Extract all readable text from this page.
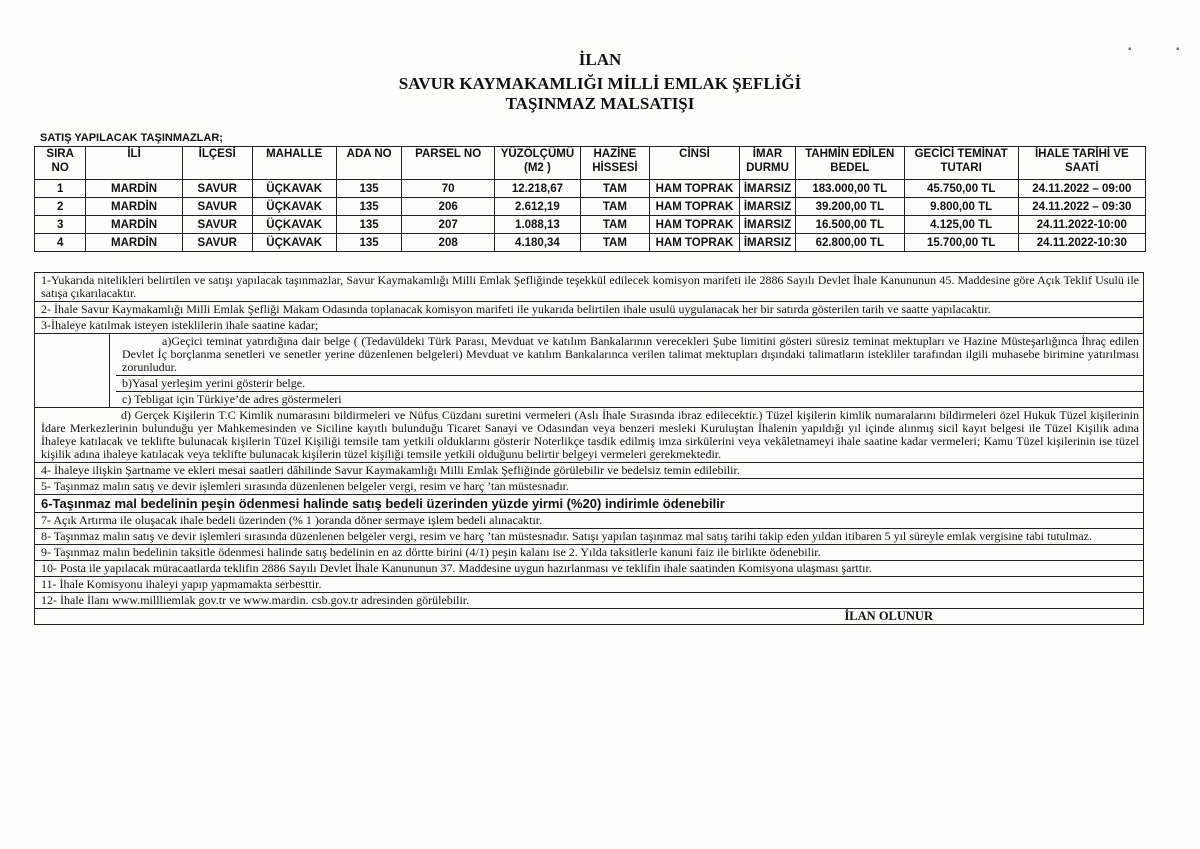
▪	▪
İLAN
SAVUR KAYMAKAMLIĞI MİLLİ EMLAK ŞEFLİĞİ
TAŞINMAZ MALSATIŞI
SATIŞ YAPILACAK TAŞINMAZLAR;
SIRA NO	İLİ	İLÇESİ	MAHALLE	ADA NO	PARSEL NO	YÜZÖLÇÜMÜ (M2 )	HAZİNE HİSSESİ	CİNSİ	İMAR DURMU	TAHMİN EDİLEN BEDEL	GECİCİ TEMİNAT TUTARI	İHALE TARİHİ VE SAATİ
1	MARDİN	SAVUR	ÜÇKAVAK	135	70	12.218,67	TAM	HAM TOPRAK	İMARSIZ	183.000,00 TL	45.750,00 TL	24.11.2022 – 09:00
2	MARDİN	SAVUR	ÜÇKAVAK	135	206	2.612,19	TAM	HAM TOPRAK	İMARSIZ	39.200,00 TL	9.800,00 TL	24.11.2022 – 09:30
3	MARDİN	SAVUR	ÜÇKAVAK	135	207	1.088,13	TAM	HAM TOPRAK	İMARSIZ	16.500,00 TL	4.125,00 TL	24.11.2022-10:00
4	MARDİN	SAVUR	ÜÇKAVAK	135	208	4.180,34	TAM	HAM TOPRAK	İMARSIZ	62.800,00 TL	15.700,00 TL	24.11.2022-10:30
1-Yukarıda nitelikleri belirtilen ve satışı yapılacak taşınmazlar, Savur Kaymakamlığı Milli Emlak Şefliğinde teşekkül edilecek komisyon marifeti ile 2886 Sayılı Devlet İhale Kanununun 45. Maddesine göre Açık Teklif Usulü ile satışa çıkarılacaktır.
2- İhale Savur Kaymakamlığı Milli Emlak Şefliği Makam Odasında toplanacak komisyon marifeti ile yukarıda belirtilen ihale usulü uygulanacak her bir satırda gösterilen tarih ve saatte yapılacaktır.
3-İhaleye katılmak isteyen isteklilerin ihale saatine kadar;
a)Geçici teminat yatırdığına dair belge ( (Tedavüldeki Türk Parası, Mevduat ve katılım Bankalarının verecekleri Şube limitini gösteri süresiz teminat mektupları ve Hazine Müsteşarlığınca İhraç edilen Devlet İç borçlanma senetleri ve senetler yerine düzenlenen belgeleri) Mevduat ve katılım Bankalarınca verilen talimat mektupları dışındaki talimatların istekliler tarafından ilgili muhasebe birimine yatırılması zorunludur.
b)Yasal yerleşim yerini gösterir belge.
c) Tebligat için Türkiye’de adres göstermeleri
d) Gerçek Kişilerin T.C Kimlik numarasını bildirmeleri ve Nüfus Cüzdanı suretini vermeleri (Aslı İhale Sırasında ibraz edilecektir.) Tüzel kişilerin kimlik numaralarını bildirmeleri özel Hukuk Tüzel kişilerinin İdare Merkezlerinin bulunduğu yer Mahkemesinden ve Siciline kayıtlı bulunduğu Ticaret Sanayi ve Odasından veya benzeri mesleki Kuruluştan İhalenin yapıldığı yıl içinde alınmış sicil kayıt belgesi ile Tüzel Kişilik adına İhaleye katılacak ve teklifte bulunacak kişilerin Tüzel Kişiliği temsile tam yetkili olduklarını gösterir Noterlikçe tasdik edilmiş imza sirkülerini veya vekâletnameyi ihale saatine kadar vermeleri; Kamu Tüzel kişilerinin ise tüzel kişilik adına ihaleye katılacak veya teklifte bulunacak kişilerin tüzel kişiliği temsile yetkili olduğunu belirtir belgeyi vermeleri gerekmektedir.
4- İhaleye ilişkin Şartname ve ekleri mesai saatleri dâhilinde Savur Kaymakamlığı Milli Emlak Şefliğinde görülebilir ve bedelsiz temin edilebilir.
5- Taşınmaz malın satış ve devir işlemleri sırasında düzenlenen belgeler vergi, resim ve harç ’tan müstesnadır.
6-Taşınmaz mal bedelinin peşin ödenmesi halinde satış bedeli üzerinden yüzde yirmi (%20) indirimle ödenebilir
7- Açık Artırma ile oluşacak ihale bedeli üzerinden (% 1 )oranda döner sermaye işlem bedeli alınacaktır.
8- Taşınmaz malın satış ve devir işlemleri sırasında düzenlenen belgeler vergi, resim ve harç ’tan müstesnadır. Satışı yapılan taşınmaz mal satış tarihi takip eden yıldan itibaren 5 yıl süreyle emlak vergisine tabi tutulmaz.
9- Taşınmaz malın bedelinin taksitle ödenmesi halinde satış bedelinin en az dörtte birini (4/1) peşin kalanı ise 2. Yılda taksitlerle kanuni faiz ile birlikte ödenebilir.
10- Posta ile yapılacak müracaatlarda teklifin 2886 Sayılı Devlet İhale Kanununun 37. Maddesine uygun hazırlanması ve teklifin ihale saatinden Komisyona ulaşması şarttır.
11- İhale Komisyonu ihaleyi yapıp yapmamakta serbesttir.
12- İhale İlanı www.millliemlak gov.tr ve www.mardin. csb.gov.tr adresinden görülebilir.
İLAN OLUNUR
